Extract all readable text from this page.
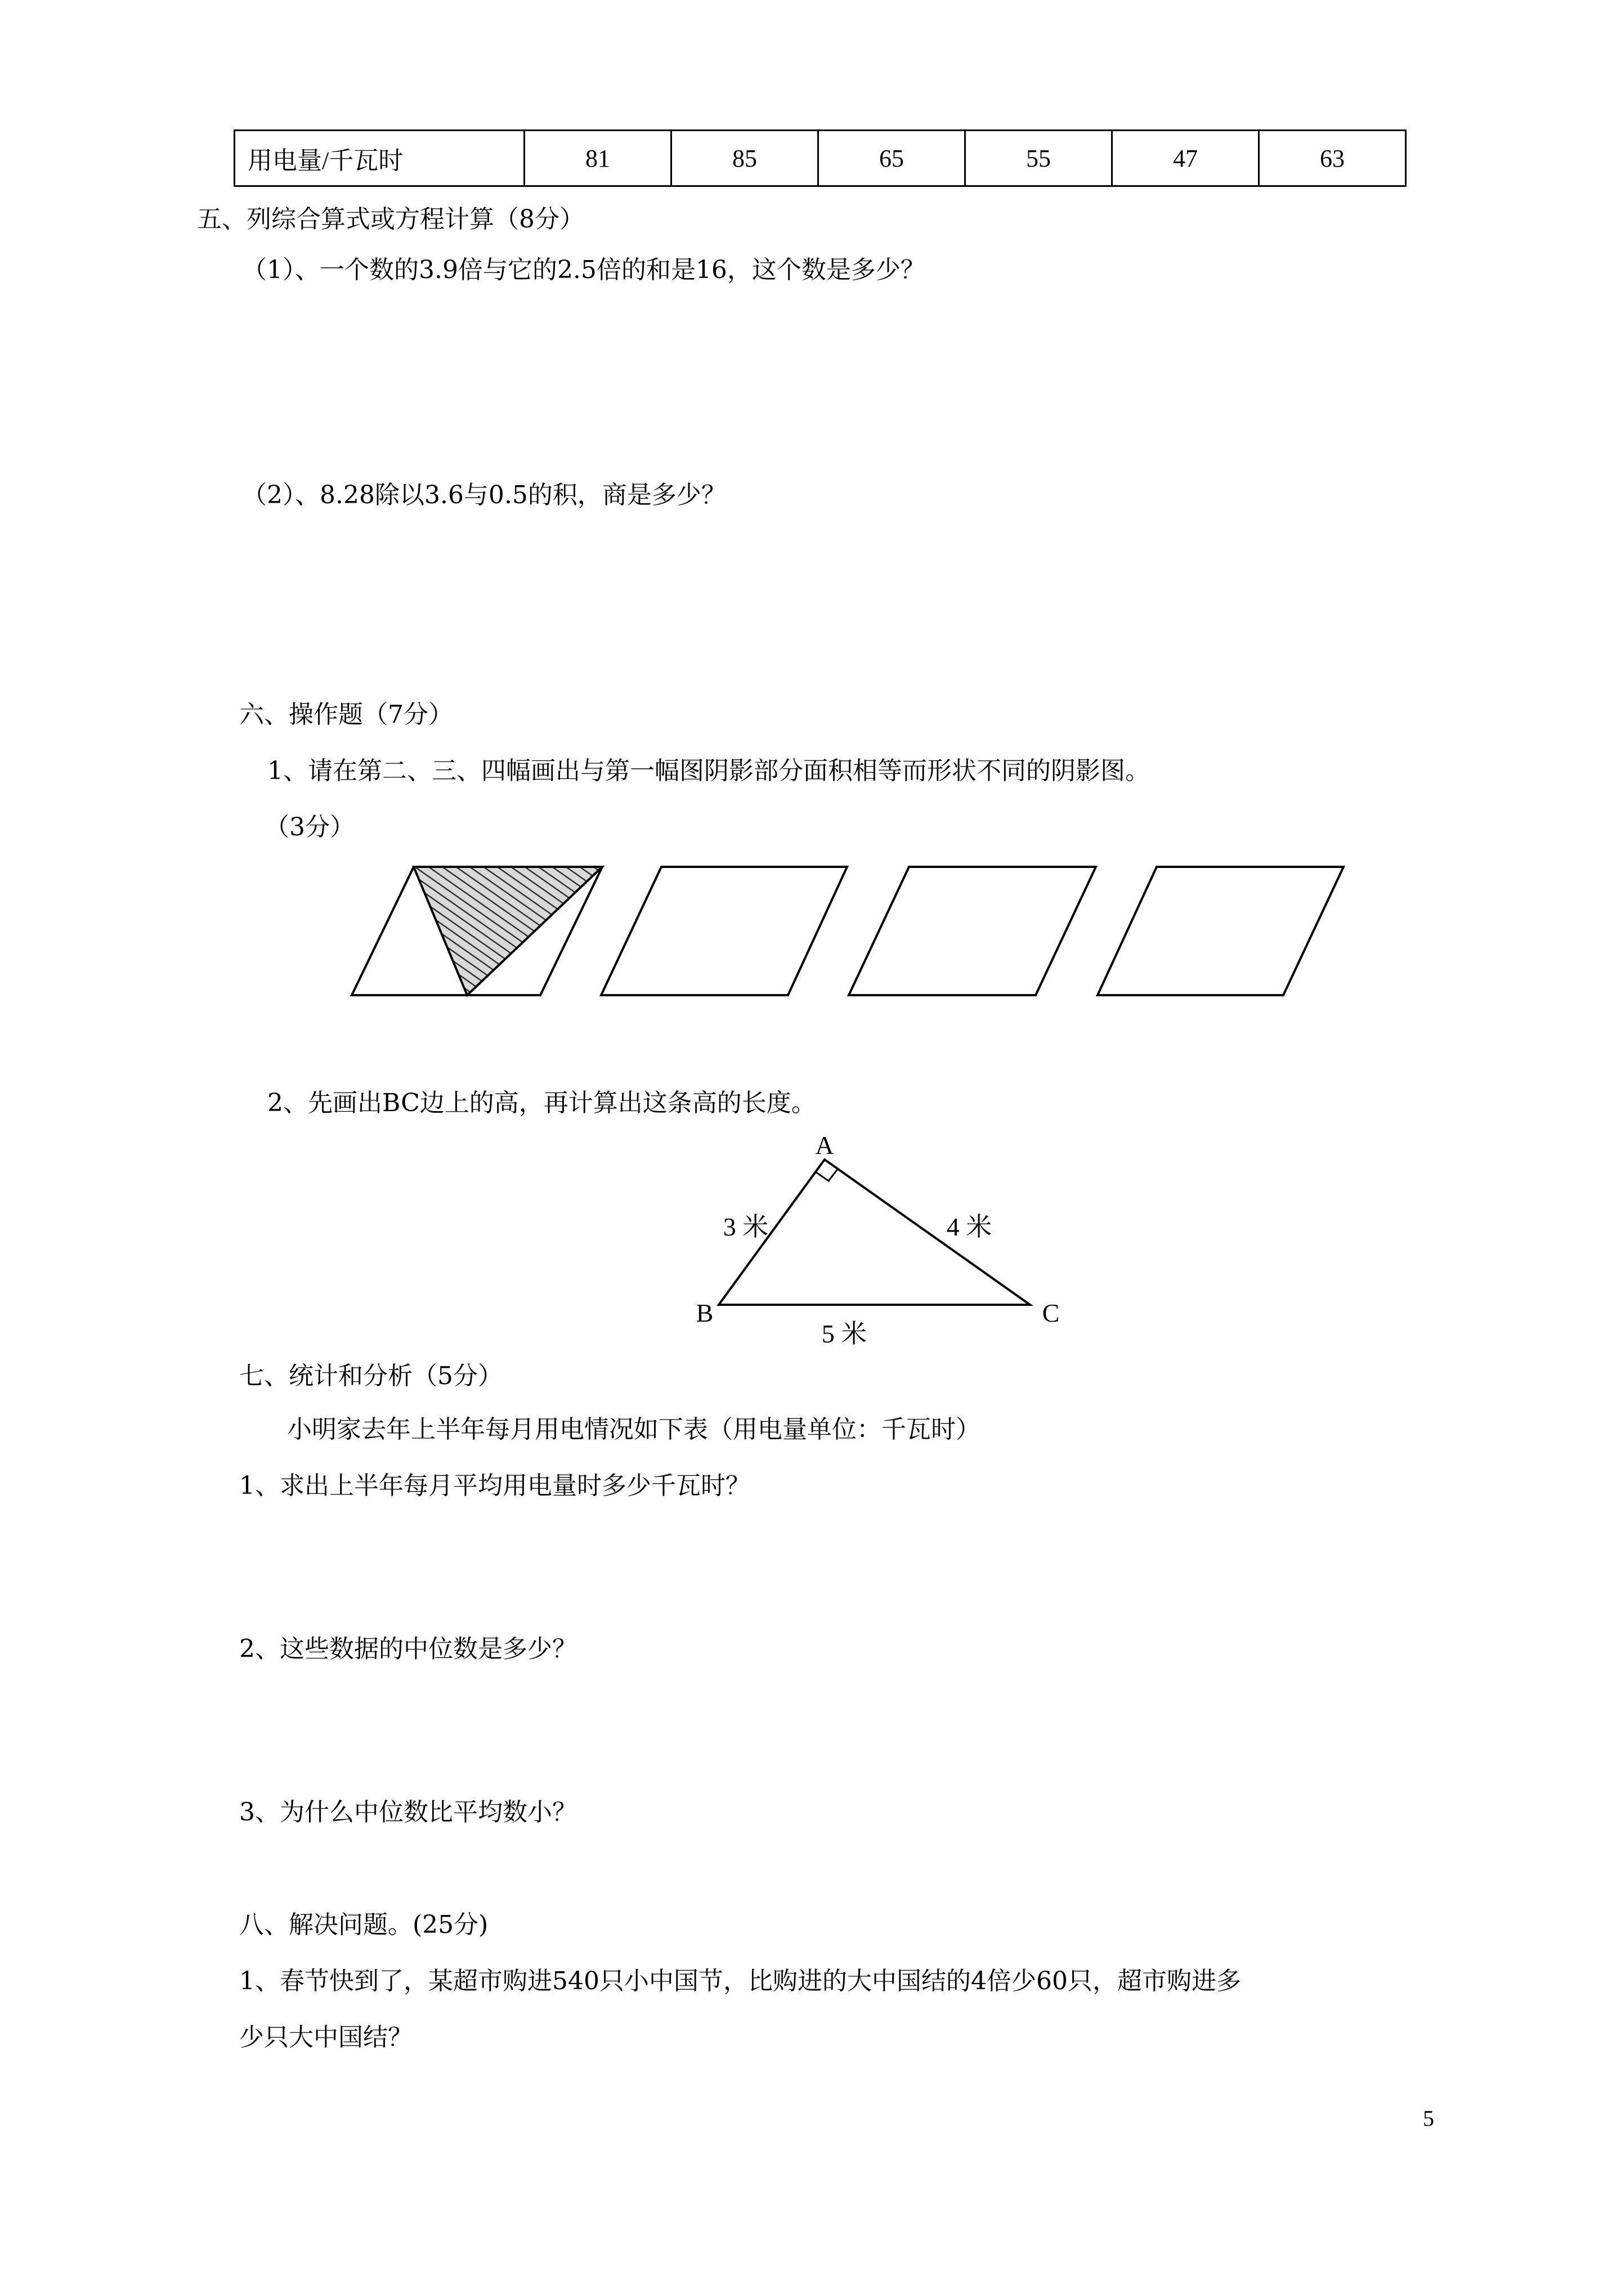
用电量/千瓦时	81	85	65	55	47	63
五、列综合算式或方程计算（8分）
（1）、一个数的3.9倍与它的2.5倍的和是16，这个数是多少？
（2）、8.28除以3.6与0.5的积，商是多少？
六、操作题（7分）
1、请在第二、三、四幅画出与第一幅图阴影部分面积相等而形状不同的阴影图。
（3分）
2、先画出BC边上的高，再计算出这条高的长度。
A
B	C
3 米	4 米
5 米
七、统计和分析（5分）
小明家去年上半年每月用电情况如下表（用电量单位：千瓦时）
1、求出上半年每月平均用电量时多少千瓦时？
2、这些数据的中位数是多少？
3、为什么中位数比平均数小？
八、解决问题。(25分)
1、春节快到了，某超市购进540只小中国节，比购进的大中国结的4倍少60只，超市购进多
少只大中国结？
5
